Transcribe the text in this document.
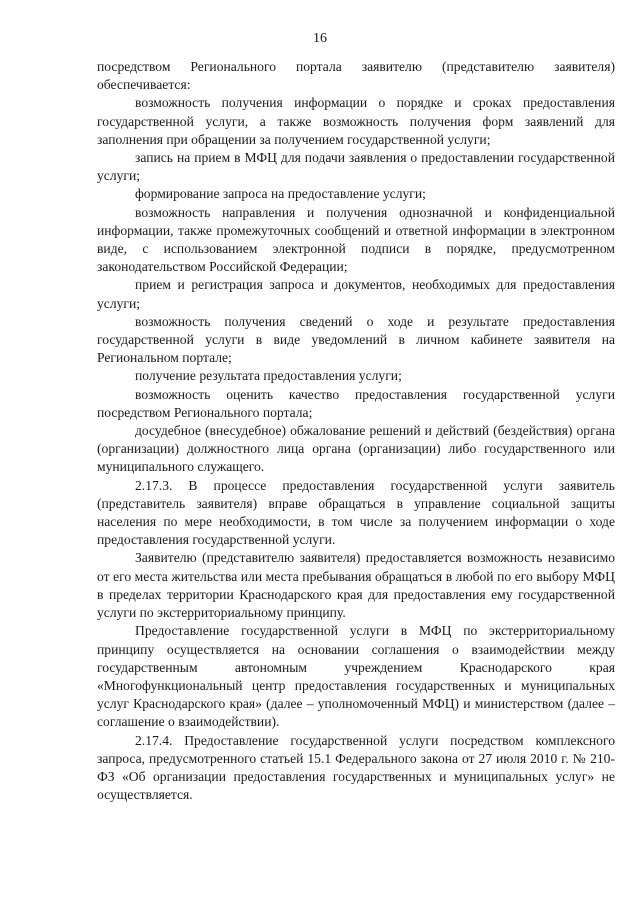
16

посредством Регионального портала заявителю (представителю заявителя) обеспечивается:

возможность получения информации о порядке и сроках предоставления государственной услуги, а также возможность получения форм заявлений для заполнения при обращении за получением государственной услуги;

запись на прием в МФЦ для подачи заявления о предоставлении государственной услуги;

формирование запроса на предоставление услуги;

возможность направления и получения однозначной и конфиденциальной информации, также промежуточных сообщений и ответной информации в электронном виде, с использованием электронной подписи в порядке, предусмотренном законодательством Российской Федерации;

прием и регистрация запроса и документов, необходимых для предоставления услуги;

возможность получения сведений о ходе и результате предоставления государственной услуги в виде уведомлений в личном кабинете заявителя на Региональном портале;

получение результата предоставления услуги;

возможность оценить качество предоставления государственной услуги посредством Регионального портала;

досудебное (внесудебное) обжалование решений и действий (бездействия) органа (организации) должностного лица органа (организации) либо государственного или муниципального служащего.

2.17.3. В процессе предоставления государственной услуги заявитель (представитель заявителя) вправе обращаться в управление социальной защиты населения по мере необходимости, в том числе за получением информации о ходе предоставления государственной услуги.

Заявителю (представителю заявителя) предоставляется возможность независимо от его места жительства или места пребывания обращаться в любой по его выбору МФЦ в пределах территории Краснодарского края для предоставления ему государственной услуги по экстерриториальному принципу.

Предоставление государственной услуги в МФЦ по экстерриториальному принципу осуществляется на основании соглашения о взаимодействии между государственным автономным учреждением Краснодарского края «Многофункциональный центр предоставления государственных и муниципальных услуг Краснодарского края» (далее – уполномоченный МФЦ) и министерством (далее – соглашение о взаимодействии).

2.17.4. Предоставление государственной услуги посредством комплексного запроса, предусмотренного статьей 15.1 Федерального закона от 27 июля 2010 г. № 210-ФЗ «Об организации предоставления государственных и муниципальных услуг» не осуществляется.
